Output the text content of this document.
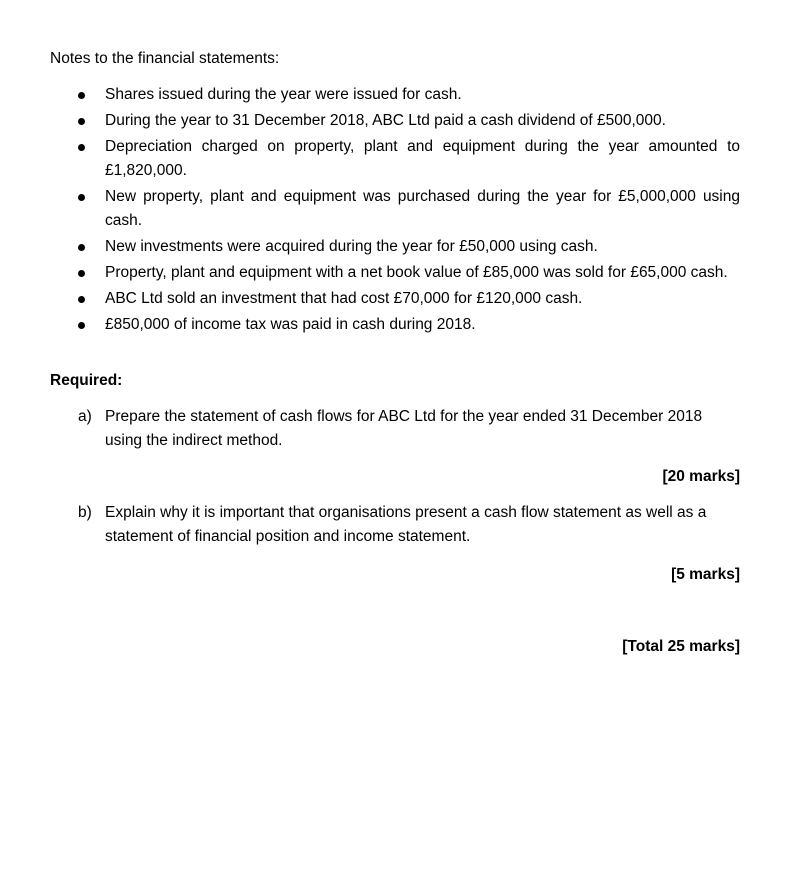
Notes to the financial statements:
Shares issued during the year were issued for cash.
During the year to 31 December 2018, ABC Ltd paid a cash dividend of £500,000.
Depreciation charged on property, plant and equipment during the year amounted to £1,820,000.
New property, plant and equipment was purchased during the year for £5,000,000 using cash.
New investments were acquired during the year for £50,000 using cash.
Property, plant and equipment with a net book value of £85,000 was sold for £65,000 cash.
ABC Ltd sold an investment that had cost £70,000 for £120,000 cash.
£850,000 of income tax was paid in cash during 2018.
Required:
a) Prepare the statement of cash flows for ABC Ltd for the year ended 31 December 2018 using the indirect method.
[20 marks]
b) Explain why it is important that organisations present a cash flow statement as well as a statement of financial position and income statement.
[5 marks]
[Total 25 marks]
